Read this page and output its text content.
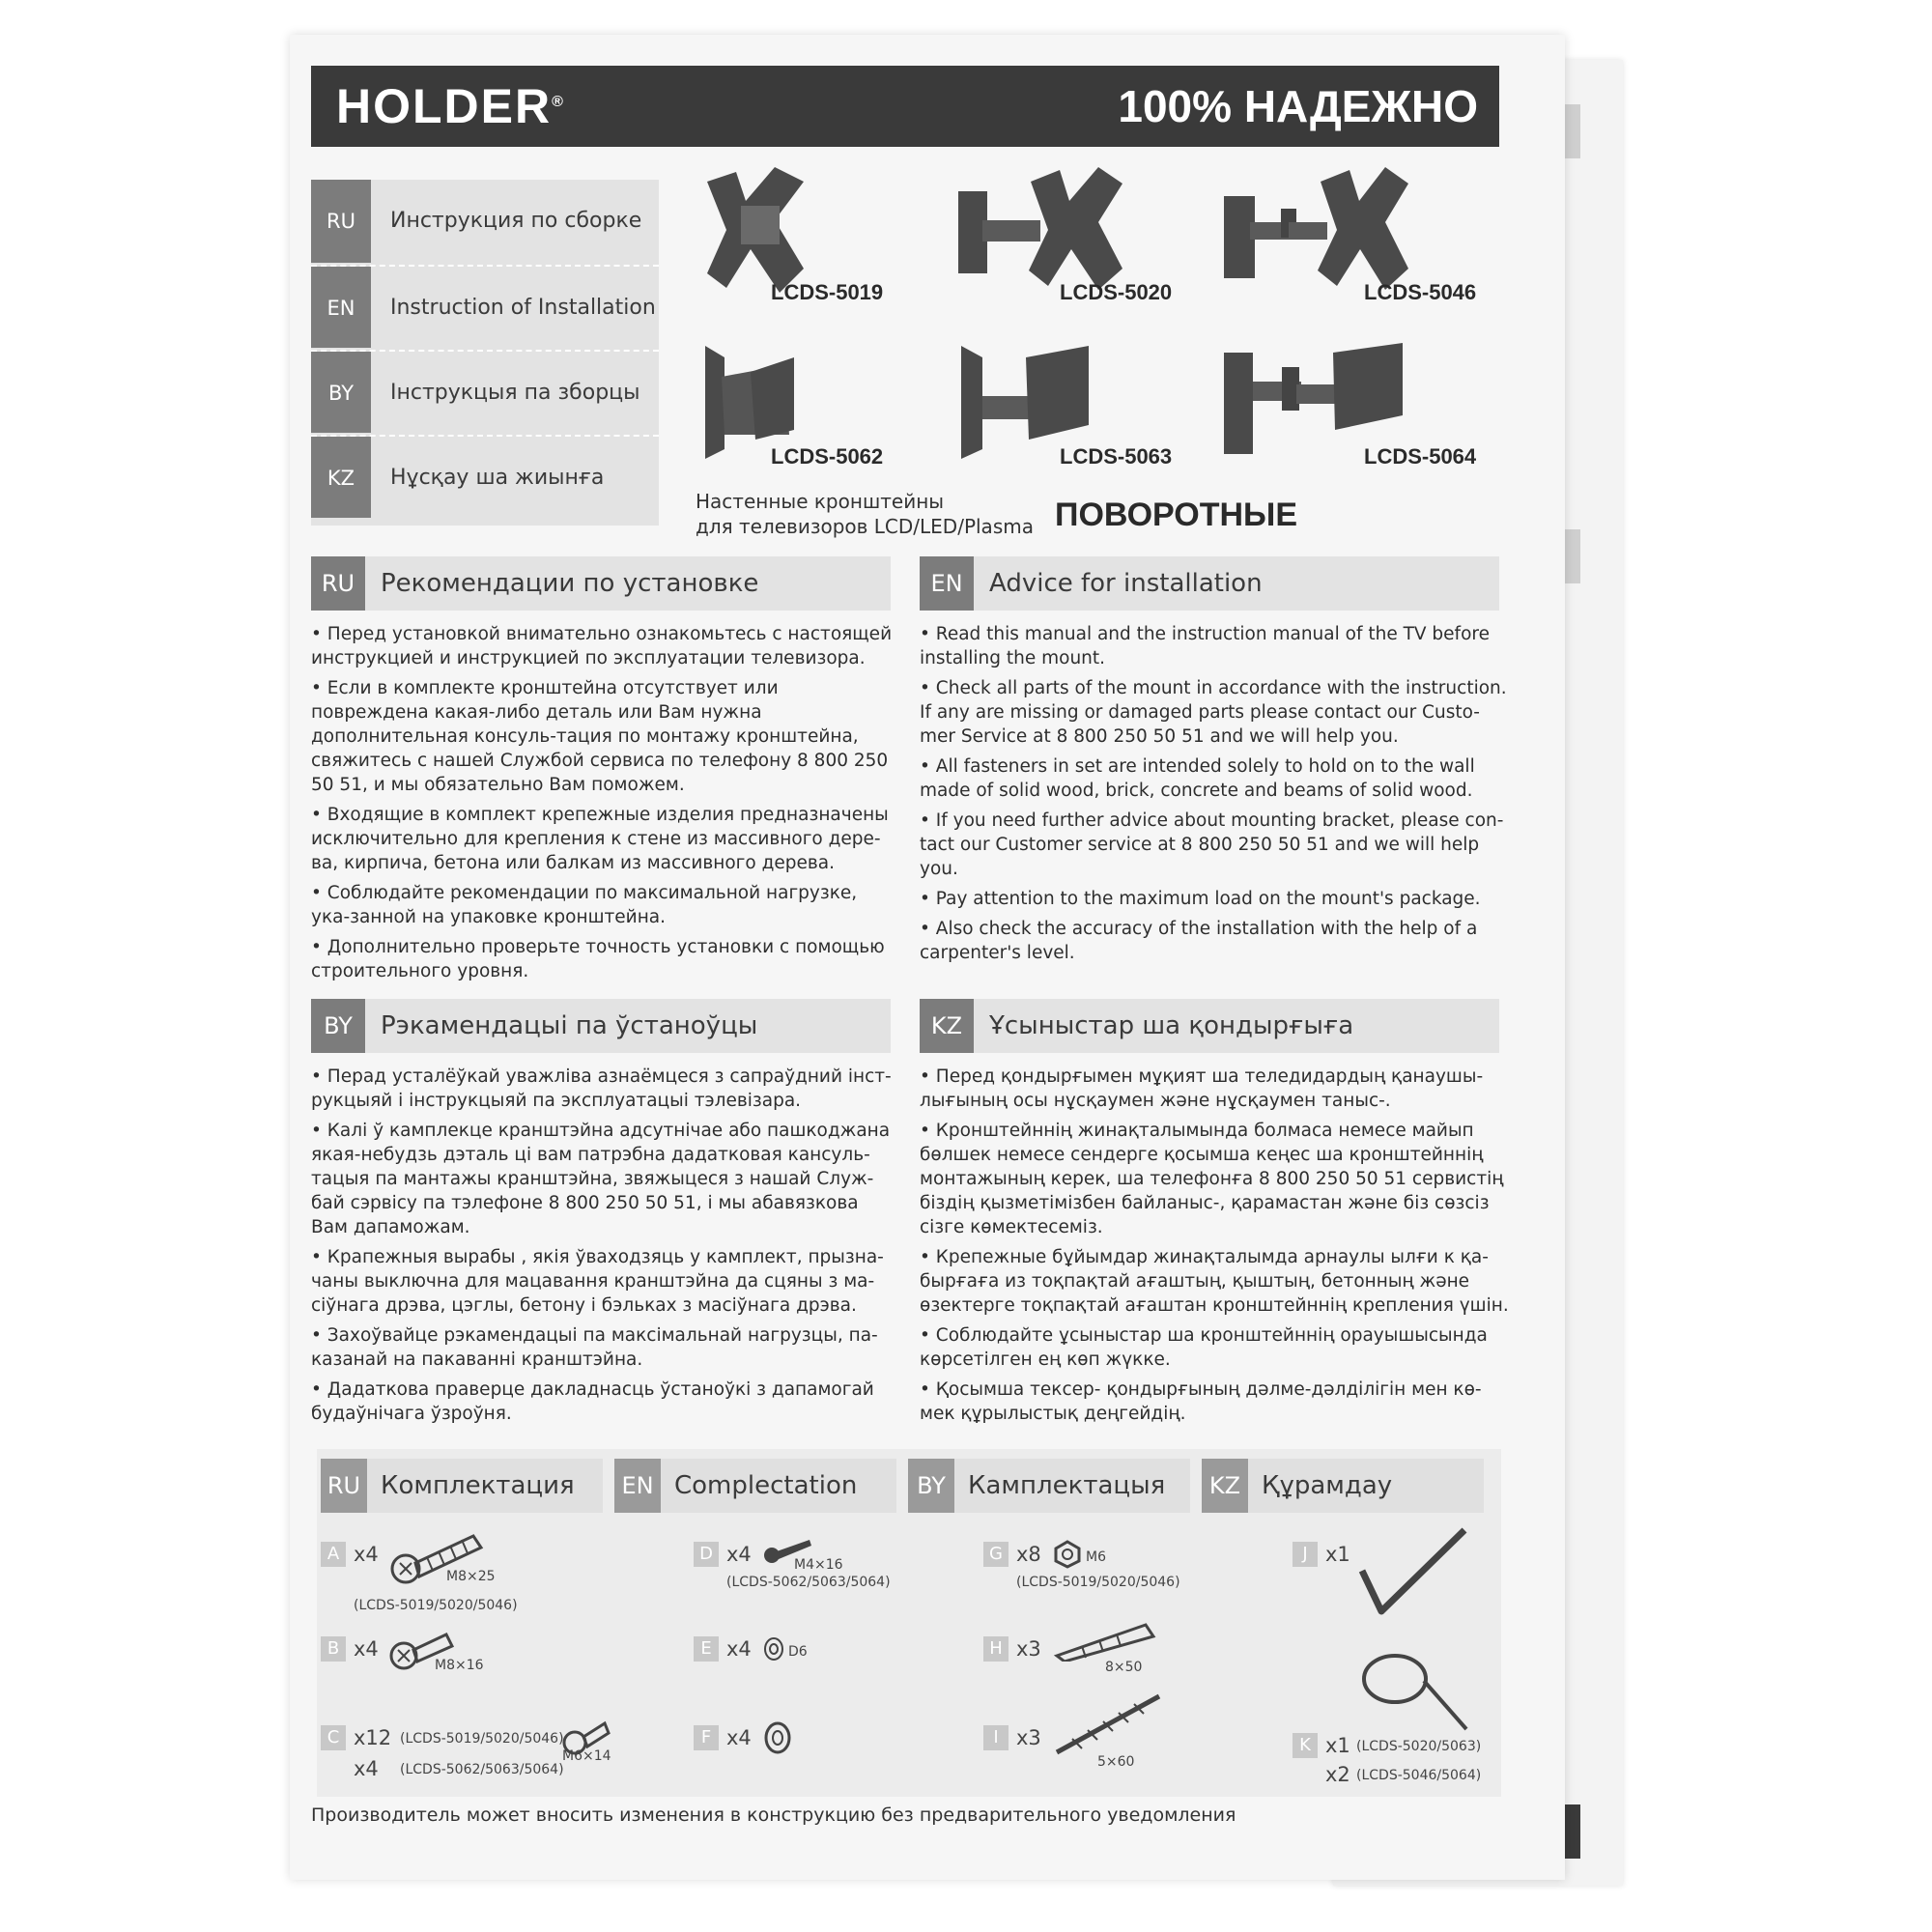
HOLDER®	100% НАДЕЖНО
RU	Инструкция по сборке
EN	Instruction of Installation
BY	Інструкцыя па зборцы
KZ	Нұсқау ша жиынға
LCDS-5019	LCDS-5020	LCDS-5046
LCDS-5062	LCDS-5063	LCDS-5064
Настенные кронштейны
для телевизоров LCD/LED/Plasma ПОВОРОТНЫЕ
RU	Рекомендации по установке
• Перед установкой внимательно ознакомьтесь с настоящей инструкцией и инструкцией по эксплуатации телевизора.
• Если в комплекте кронштейна отсутствует или повреждена какая-либо деталь или Вам нужна дополнительная консуль-тация по монтажу кронштейна, свяжитесь с нашей Службой сервиса по телефону 8 800 250 50 51, и мы обязательно Вам поможем.
• Входящие в комплект крепежные изделия предназначены исключительно для крепления к стене из массивного дере-ва, кирпича, бетона или балкам из массивного дерева.
• Соблюдайте рекомендации по максимальной нагрузке, ука-занной на упаковке кронштейна.
• Дополнительно проверьте точность установки с помощью строительного уровня.
EN	Advice for installation
• Read this manual and the instruction manual of the TV before installing the mount.
• Check all parts of the mount in accordance with the instruction. If any are missing or damaged parts please contact our Custo-mer Service at 8 800 250 50 51 and we will help you.
• All fasteners in set are intended solely to hold on to the wall made of solid wood, brick, concrete and beams of solid wood.
• If you need further advice about mounting bracket, please con-tact our Customer service at 8 800 250 50 51 and we will help you.
• Pay attention to the maximum load on the mount's package.
• Also check the accuracy of the installation with the help of a carpenter's level.
BY	Рэкамендацыі па ўстаноўцы
• Перад усталёўкай уважліва азнаёмцеся з сапраўдний інст-рукцыяй і інструкцыяй па эксплуатацыі тэлевізара.
• Калі ў камплекце кранштэйна адсутнічае або пашкоджана якая-небудзь дэталь ці вам патрэбна дадатковая кансуль-тацыя па мантажы кранштэйна, звяжыцеся з нашай Служ-бай сэрвісу па тэлефоне 8 800 250 50 51, і мы абавязкова Вам дапаможам.
• Крапежныя вырабы , якія ўваходзяць у камплект, прызна-чаны выключна для мацавання кранштэйна да сцяны з ма-сіўнага дрэва, цэглы, бетону і бэльках з масіўнага дрэва.
• Захоўвайце рэкамендацыі па максімальнай нагрузцы, па-казанай на пакаванні кранштэйна.
• Дадаткова праверце дакладнасць ўстаноўкі з дапамогай будаўнічага ўзроўня.
KZ	Ұсыныстар ша қондырғыға
• Перед қондырғымен мұқият ша теледидардың қанаушы-лығының осы нұсқаумен және нұсқаумен таныс-.
• Кронштейннің жинақталымында болмаса немесе майып бөлшек немесе сендерге қосымша кеңес ша кронштейннің монтажының керек, ша телефонға 8 800 250 50 51 сервистің біздің қызметімізбен байланыс-, қарамастан және біз сөзсіз сізге көмектесеміз.
• Крепежные бұйымдар жинақталымда арнаулы ылғи к қа-бырғаға из тоқпақтай ағаштың, қыштың, бетонның және өзектерге тоқпақтай ағаштан кронштейннің крепления үшін.
• Соблюдайте ұсыныстар ша кронштейннің орауышысында көрсетілген ең көп жүкке.
• Қосымша тексер- қондырғының дәлме-дәлдiлiгiн мен кө-мек құрылыстық деңгейдің.
RU Комплектация	EN Complectation	BY Камплектацыя	KZ Құрамдау
A x4
M8×25
(LCDS-5019/5020/5046)
B x4
M8×16
C x12 (LCDS-5019/5020/5046)
M6×14
x4 (LCDS-5062/5063/5064)
D x4	M4×16
(LCDS-5062/5063/5064)
E x4	D6
F x4
G x8	M6
(LCDS-5019/5020/5046)
H x3
8×50
I x3
5×60
J x1
K x1 (LCDS-5020/5063)
x2 (LCDS-5046/5064)
Производитель может вносить изменения в конструкцию без предварительного уведомления
